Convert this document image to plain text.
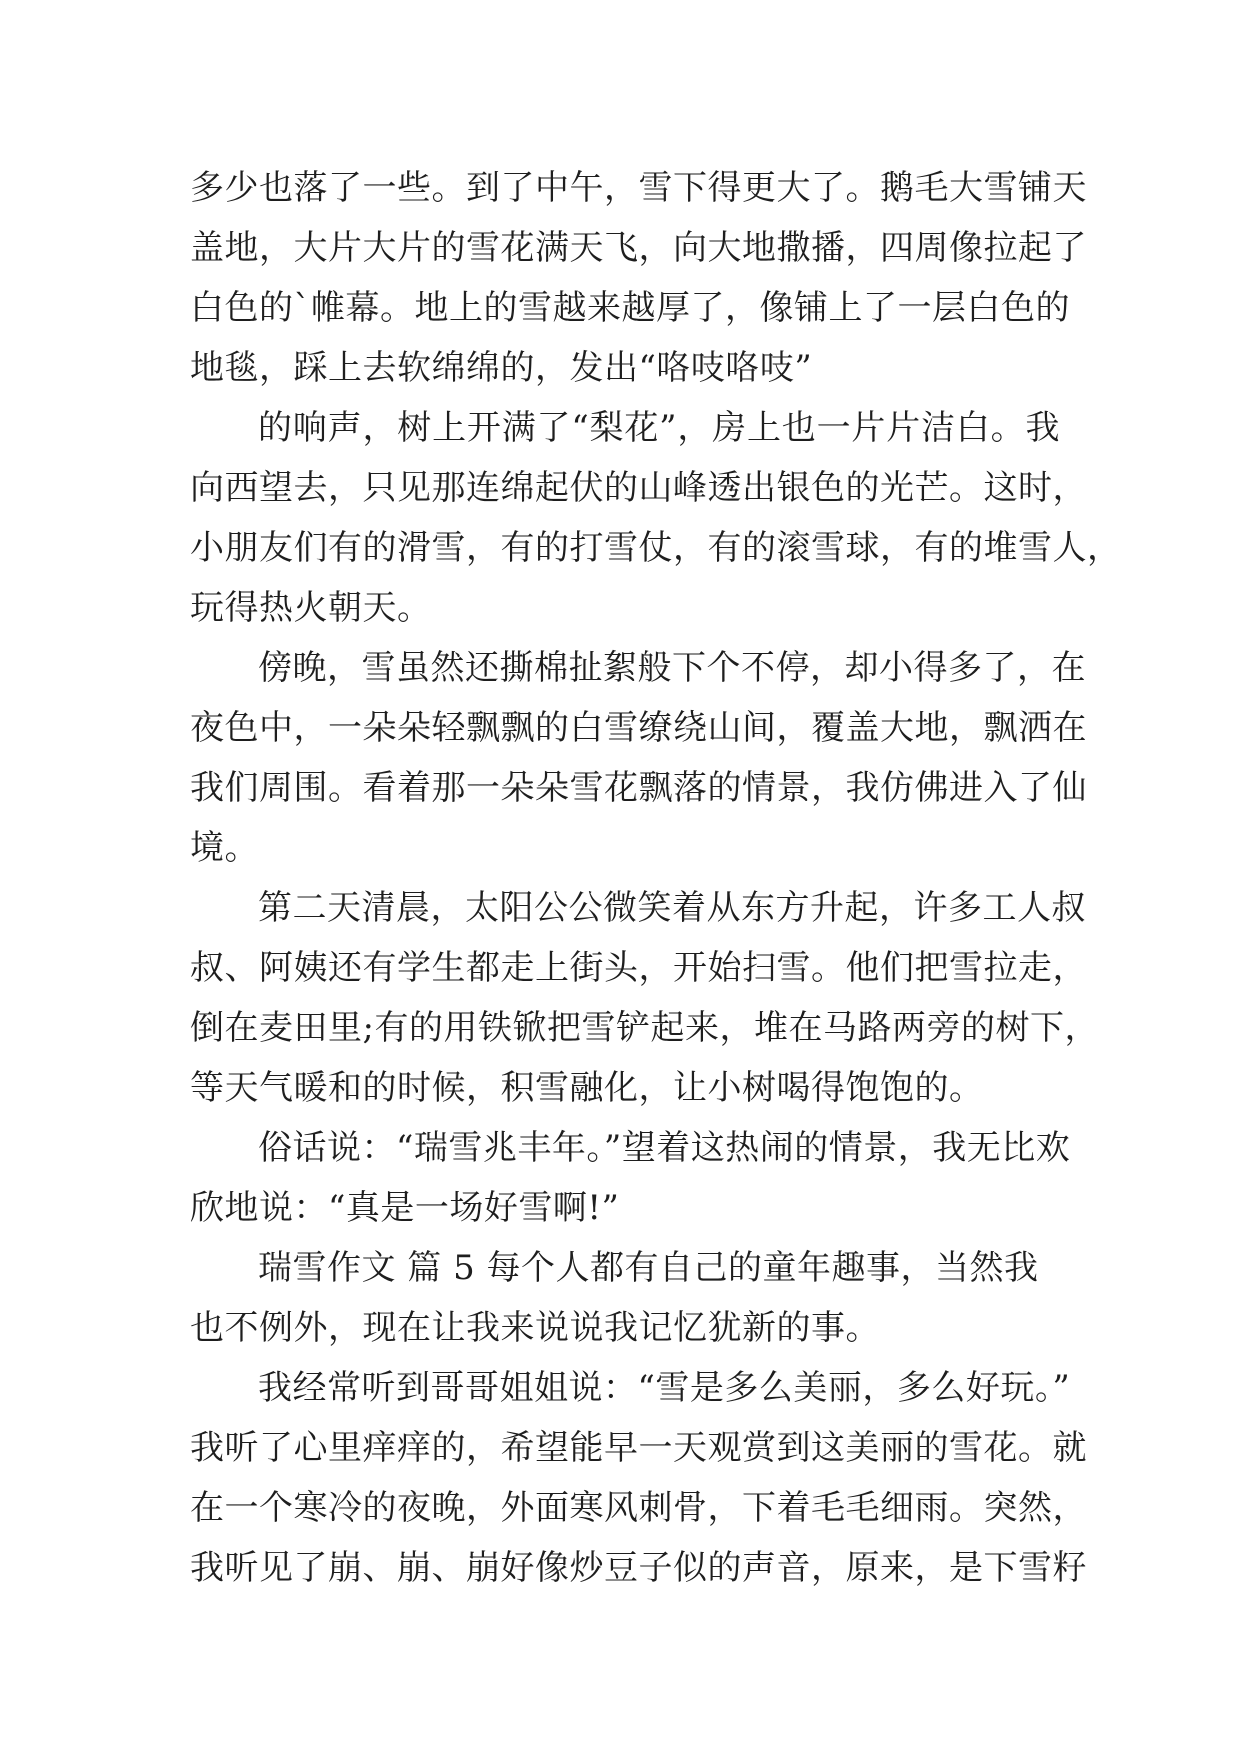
多少也落了一些。到了中午，雪下得更大了。鹅毛大雪铺天
盖地，大片大片的雪花满天飞，向大地撒播，四周像拉起了
白色的`帷幕。地上的雪越来越厚了，像铺上了一层白色的
地毯，踩上去软绵绵的，发出“咯吱咯吱”
的响声，树上开满了“梨花”，房上也一片片洁白。我
向西望去，只见那连绵起伏的山峰透出银色的光芒。这时，
小朋友们有的滑雪，有的打雪仗，有的滚雪球，有的堆雪人，
玩得热火朝天。
傍晚，雪虽然还撕棉扯絮般下个不停，却小得多了，在
夜色中，一朵朵轻飘飘的白雪缭绕山间，覆盖大地，飘洒在
我们周围。看着那一朵朵雪花飘落的情景，我仿佛进入了仙
境。
第二天清晨，太阳公公微笑着从东方升起，许多工人叔
叔、阿姨还有学生都走上街头，开始扫雪。他们把雪拉走，
倒在麦田里;有的用铁锨把雪铲起来，堆在马路两旁的树下，
等天气暖和的时候，积雪融化，让小树喝得饱饱的。
俗话说：“瑞雪兆丰年。”望着这热闹的情景，我无比欢
欣地说：“真是一场好雪啊!”
瑞雪作文 篇 5 每个人都有自己的童年趣事，当然我
也不例外，现在让我来说说我记忆犹新的事。
我经常听到哥哥姐姐说：“雪是多么美丽，多么好玩。”
我听了心里痒痒的，希望能早一天观赏到这美丽的雪花。就
在一个寒冷的夜晚，外面寒风刺骨，下着毛毛细雨。突然，
我听见了崩、崩、崩好像炒豆子似的声音，原来，是下雪籽
